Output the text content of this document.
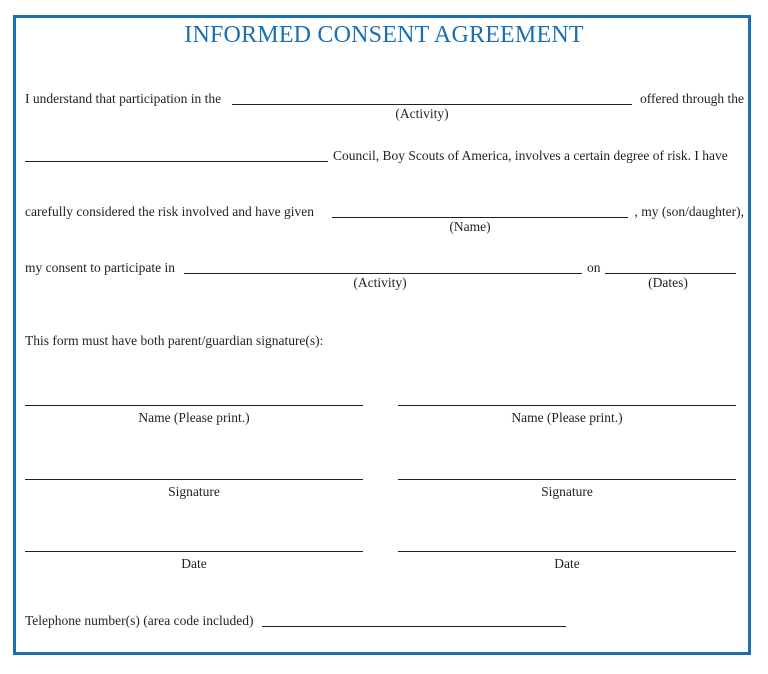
INFORMED CONSENT AGREEMENT
I understand that participation in the	offered through the
(Activity)
Council, Boy Scouts of America, involves a certain degree of risk. I have
carefully considered the risk involved and have given	, my (son/daughter),
(Name)
my consent to participate in	on
(Activity)	(Dates)
This form must have both parent/guardian signature(s):
Name (Please print.)	Name (Please print.)
Signature	Signature
Date	Date
Telephone number(s) (area code included)
